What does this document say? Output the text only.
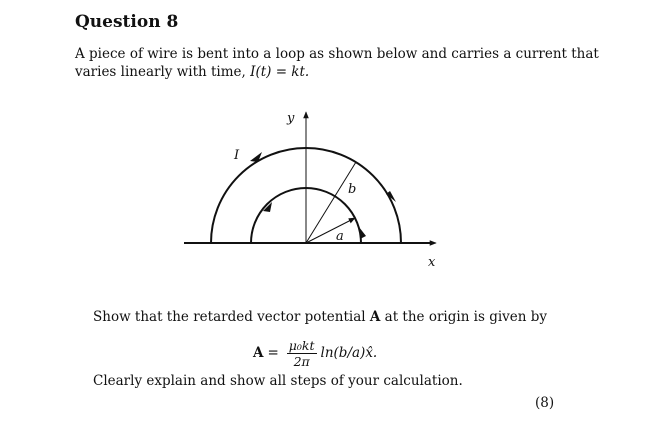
Question 8
A piece of wire is bent into a loop as shown below and carries a current that
varies linearly with time, I(t) = kt.
y
x
I
b
a
Show that the retarded vector potential A at the origin is given by
$A = \frac{\text{μ₀kt}}{2\pi}$ ln(b/a)x̂.
Clearly explain and show all steps of your calculation.
(8)
